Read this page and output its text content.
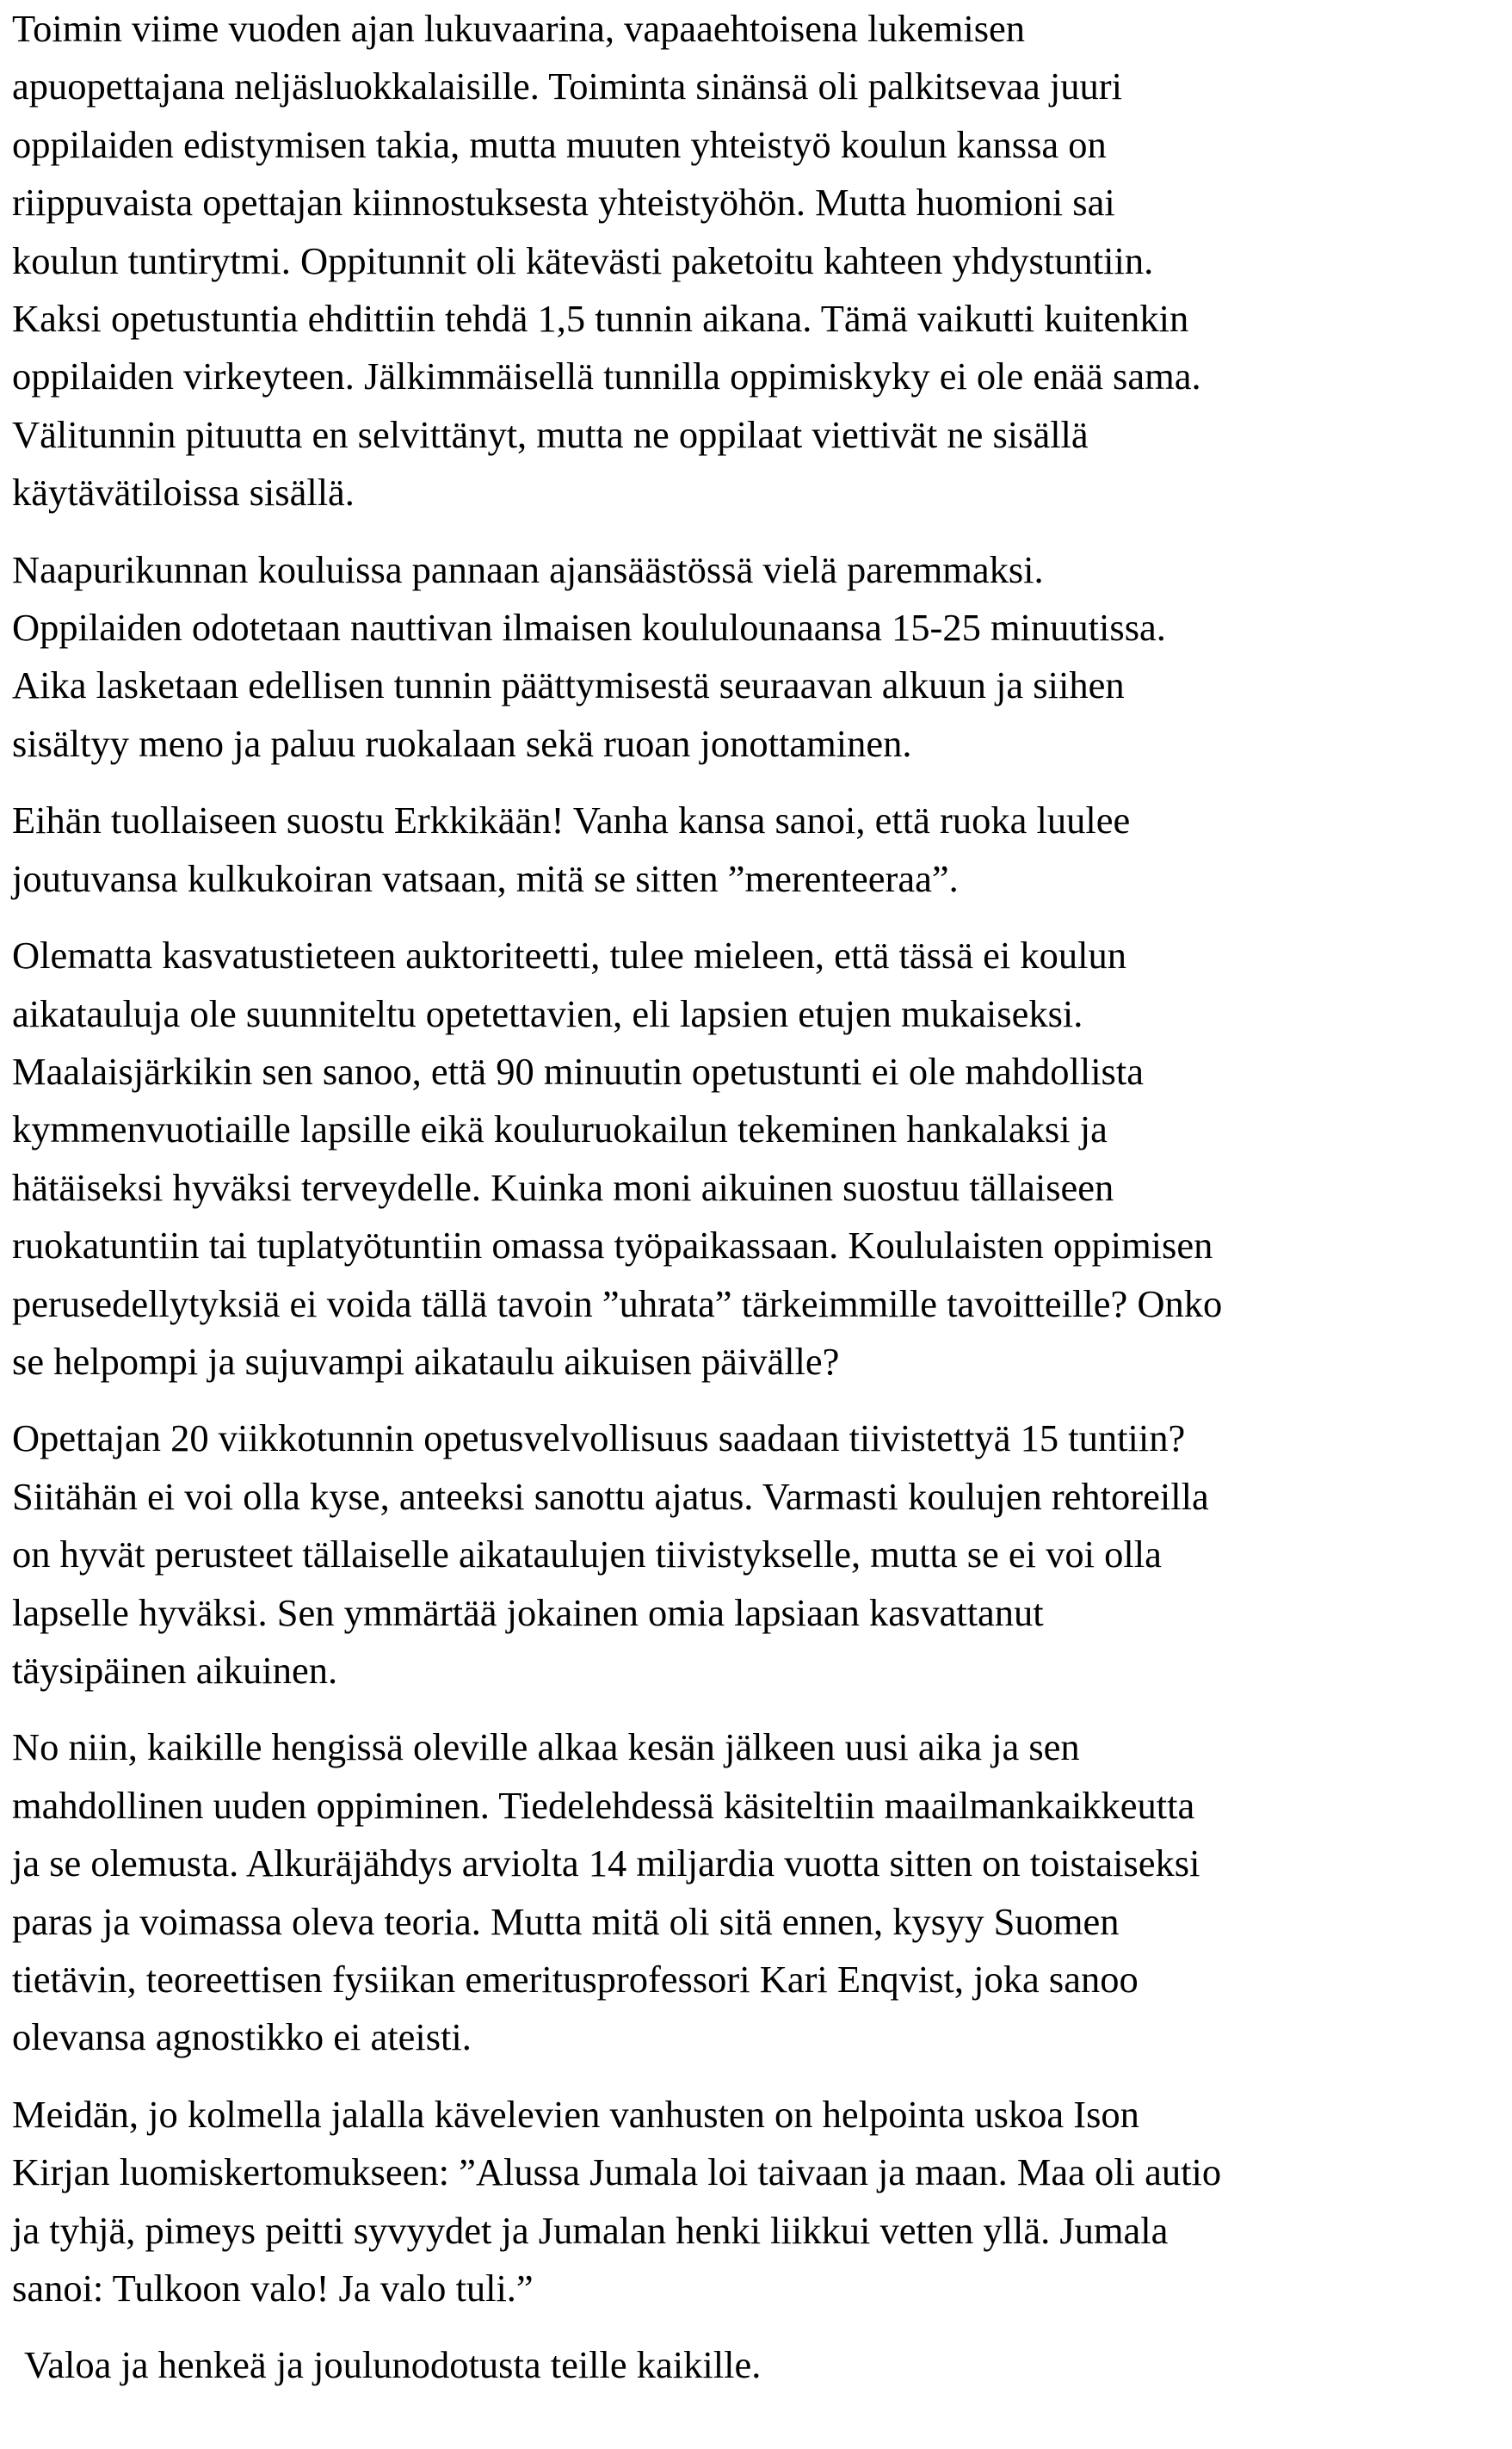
Toimin viime vuoden ajan lukuvaarina, vapaaehtoisena lukemisen
apuopettajana neljäsluokkalaisille. Toiminta sinänsä oli palkitsevaa juuri
oppilaiden edistymisen takia, mutta muuten yhteistyö koulun kanssa on
riippuvaista opettajan kiinnostuksesta yhteistyöhön. Mutta huomioni sai
koulun tuntirytmi. Oppitunnit oli kätevästi paketoitu kahteen yhdystuntiin.
Kaksi opetustuntia ehdittiin tehdä 1,5 tunnin aikana. Tämä vaikutti kuitenkin
oppilaiden virkeyteen. Jälkimmäisellä tunnilla oppimiskyky ei ole enää sama.
Välitunnin pituutta en selvittänyt, mutta ne oppilaat viettivät ne sisällä
käytävätiloissa sisällä.
Naapurikunnan kouluissa pannaan ajansäästössä vielä paremmaksi.
Oppilaiden odotetaan nauttivan ilmaisen koululounaansa 15-25 minuutissa.
Aika lasketaan edellisen tunnin päättymisestä seuraavan alkuun ja siihen
sisältyy meno ja paluu ruokalaan sekä ruoan jonottaminen.
Eihän tuollaiseen suostu Erkkikään! Vanha kansa sanoi, että ruoka luulee
joutuvansa kulkukoiran vatsaan, mitä se sitten ”merenteeraa”.
Olematta kasvatustieteen auktoriteetti, tulee mieleen, että tässä ei koulun
aikatauluja ole suunniteltu opetettavien, eli lapsien etujen mukaiseksi.
Maalaisjärkikin sen sanoo, että 90 minuutin opetustunti ei ole mahdollista
kymmenvuotiaille lapsille eikä kouluruokailun tekeminen hankalaksi ja
hätäiseksi hyväksi terveydelle. Kuinka moni aikuinen suostuu tällaiseen
ruokatuntiin tai tuplatyötuntiin omassa työpaikassaan. Koululaisten oppimisen
perusedellytyksiä ei voida tällä tavoin ”uhrata” tärkeimmille tavoitteille? Onko
se helpompi ja sujuvampi aikataulu aikuisen päivälle?
Opettajan 20 viikkotunnin opetusvelvollisuus saadaan tiivistettyä 15 tuntiin?
Siitähän ei voi olla kyse, anteeksi sanottu ajatus. Varmasti koulujen rehtoreilla
on hyvät perusteet tällaiselle aikataulujen tiivistykselle, mutta se ei voi olla
lapselle hyväksi. Sen ymmärtää jokainen omia lapsiaan kasvattanut
täysipäinen aikuinen.
No niin, kaikille hengissä oleville alkaa kesän jälkeen uusi aika ja sen
mahdollinen uuden oppiminen. Tiedelehdessä käsiteltiin maailmankaikkeutta
ja se olemusta. Alkuräjähdys arviolta 14 miljardia vuotta sitten on toistaiseksi
paras ja voimassa oleva teoria. Mutta mitä oli sitä ennen, kysyy Suomen
tietävin, teoreettisen fysiikan emeritusprofessori Kari Enqvist, joka sanoo
olevansa agnostikko ei ateisti.
Meidän, jo kolmella jalalla kävelevien vanhusten on helpointa uskoa Ison
Kirjan luomiskertomukseen: ”Alussa Jumala loi taivaan ja maan. Maa oli autio
ja tyhjä, pimeys peitti syvyydet ja Jumalan henki liikkui vetten yllä. Jumala
sanoi: Tulkoon valo! Ja valo tuli.”
Valoa ja henkeä ja joulunodotusta teille kaikille.
